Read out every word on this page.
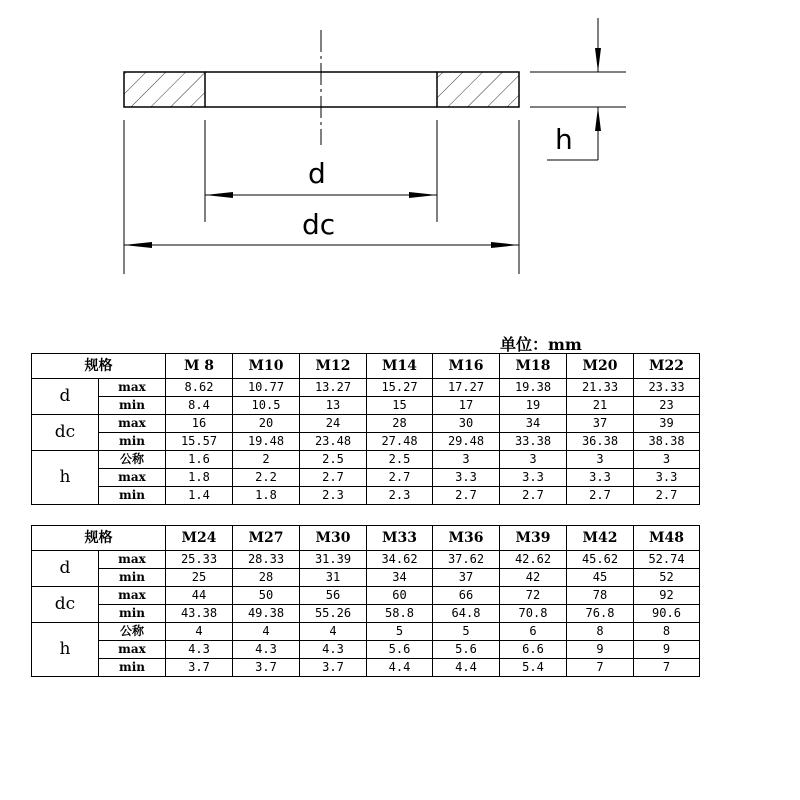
d
dc
h
单位：mm
规格		M 8	M10	M12	M14	M16	M18	M20	M22
d	max	8.62	10.77	13.27	15.27	17.27	19.38	21.33	23.33
	min	8.4	10.5	13	15	17	19	21	23
dc	max	16	20	24	28	30	34	37	39
	min	15.57	19.48	23.48	27.48	29.48	33.38	36.38	38.38
h	公称	1.6	2	2.5	2.5	3	3	3	3
	max	1.8	2.2	2.7	2.7	3.3	3.3	3.3	3.3
	min	1.4	1.8	2.3	2.3	2.7	2.7	2.7	2.7
规格		M24	M27	M30	M33	M36	M39	M42	M48
d	max	25.33	28.33	31.39	34.62	37.62	42.62	45.62	52.74
	min	25	28	31	34	37	42	45	52
dc	max	44	50	56	60	66	72	78	92
	min	43.38	49.38	55.26	58.8	64.8	70.8	76.8	90.6
h	公称	4	4	4	5	5	6	8	8
	max	4.3	4.3	4.3	5.6	5.6	6.6	9	9
	min	3.7	3.7	3.7	4.4	4.4	5.4	7	7
